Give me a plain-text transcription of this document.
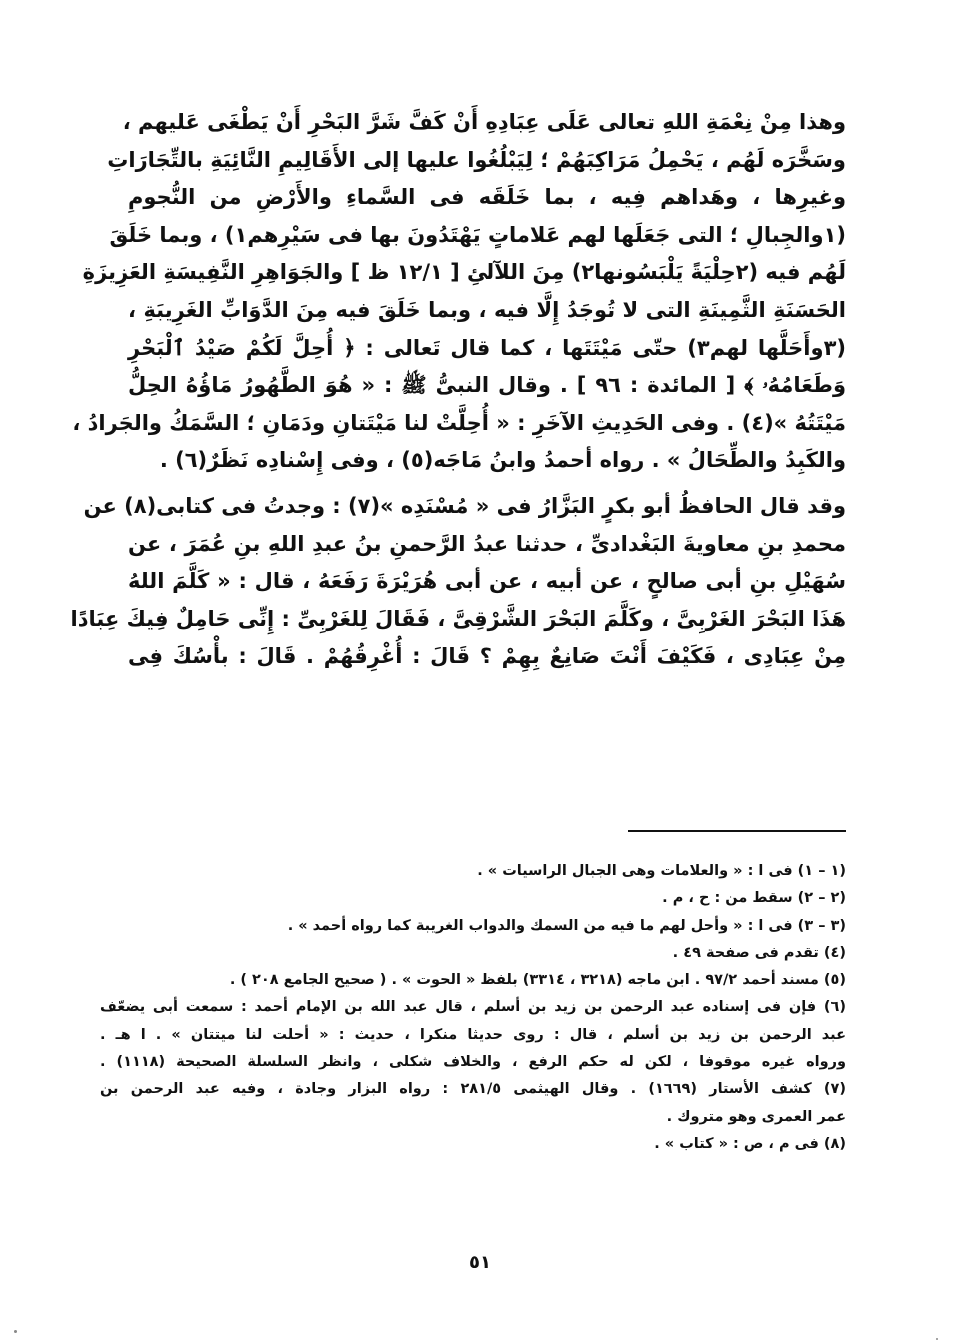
وهذا مِنْ نِعْمَةِ اللهِ تعالى عَلَى عِبَادِهِ أَنْ كَفَّ شَرَّ البَحْرِ أَنْ يَطْغَى عَليهم ،

وسَخَّرَه لَهُم ، يَحْمِلُ مَرَاكِبَهُمْ ؛ لِيَبْلُغُوا عليها إلى الأَقَالِيمِ النَّائِيَةِ بالتِّجَارَاتِ

وغيرِها ، وهَداهم فِيه ، بما خَلَقَه فى السَّماءِ والأَرْضِ من النُّجومِ

(١والجِبالِ ؛ التى جَعَلَها لهم عَلاماتٍ يَهْتَدُونَ بها فى سَيْرِهم١) ، وبما خَلَقَ

لَهُم فيه (٢حِلْيَةً يَلْبَسُونها٢) مِنَ اللآلئِ [ ١٢/١ ظ ] والجَوَاهِرِ النَّفِيسَةِ العَزِيزَةِ

الحَسَنَةِ الثَّمِينَةِ التى لا تُوجَدُ إِلَّا فيه ، وبما خَلَقَ فيه مِنَ الدَّوَابِّ الغَرِيبَةِ ،

(٣وأَحَلَّها لهم٣) حتّى مَيْتَتَها ، كما قال تَعالى : ﴿ أُحِلَّ لَكُمْ صَيْدُ ٱلْبَحْرِ

وَطَعَامُهُۥ ﴾ [ المائدة : ٩٦ ] . وقال النبىُّ ﷺ : « هُوَ الطَّهُورُ مَاؤُهُ الحِلُّ

مَيْتَتُهُ »(٤) . وفى الحَدِيثِ الآخَرِ : « أُحِلَّتْ لنا مَيْتَتانِ ودَمَانِ ؛ السَّمَكُ والجَرادُ ،

والكَبِدُ والطِّحَالُ » . رواه أحمدُ وابنُ مَاجَه(٥) ، وفى إِسْنادِه نَظَرٌ(٦) .

وقد قال الحافظُ أبو بكرٍ البَزَّارُ فى « مُسْنَدِه »(٧) : وجدتُ فى كتابى(٨) عن

محمدِ بنِ معاويةَ البَغْدادىِّ ، حدثنا عبدُ الرَّحمنِ بنُ عبدِ اللهِ بنِ عُمَرَ ، عن

سُهَيْلِ بنِ أبى صالحٍ ، عن أبيه ، عن أبى هُرَيْرَةَ رَفَعَهُ ، قال : « كَلَّمَ اللهُ

هَذَا البَحْرَ الغَرْبِىَّ ، وكَلَّمَ البَحْرَ الشَّرْقِىَّ ، فَقَالَ لِلغَرْبِىِّ : إِنِّى حَامِلٌ فِيكَ عِبَادًا

مِنْ عِبَادِى ، فَكَيْفَ أَنْتَ صَانِعٌ بِهِمْ ؟ قَالَ : أُغْرِقُهُمْ . قَالَ : بأْسُكَ فِى

(١ – ١) فى ا : « والعلامات وهى الجبال الراسيات » .

(٢ – ٢) سقط من : ح ، م .

(٣ – ٣) فى ا : « وأحل لهم ما فيه من السمك والدواب الغريبة كما رواه أحمد » .

(٤) تقدم فى صفحة ٤٩ .

(٥) مسند أحمد ٩٧/٢ . ابن ماجه (٣٢١٨ ، ٣٣١٤) بلفظ « الحوت » . ( صحيح الجامع ٢٠٨ ) .

(٦) فإن فى إسناده عبد الرحمن بن زيد بن أسلم ، قال عبد الله بن الإمام أحمد : سمعت أبى يضعّف

عبد الرحمن بن زيد بن أسلم ، قال : روى حديثا منكرا ، حديث : « أحلت لنا ميتتان » . ا هـ .

ورواه غيره موقوفا ، لكن له حكم الرفع ، والخلاف شكلى ، وانظر السلسلة الصحيحة (١١١٨) .

(٧) كشف الأستار (١٦٦٩) . وقال الهيثمى ٢٨١/٥ : رواه البزار وجادة ، وفيه عبد الرحمن بن

عمر العمرى وهو متروك .

(٨) فى م ، ص : « كتاب » .

٥١
